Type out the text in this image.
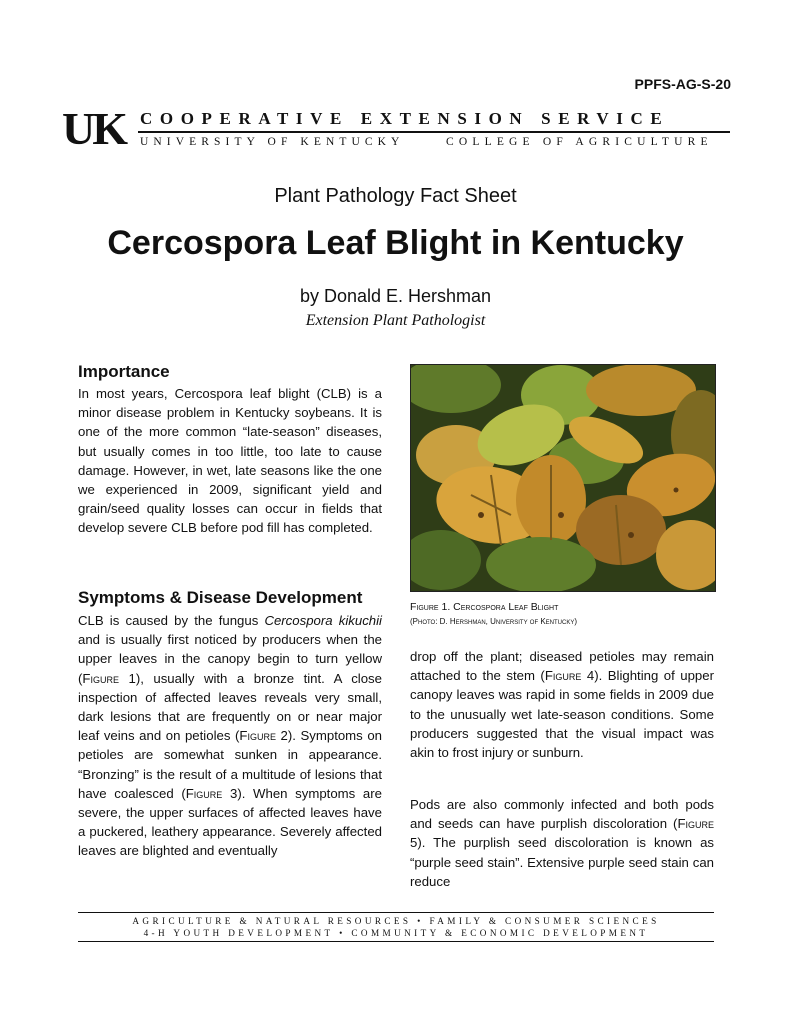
PPFS-AG-S-20
UK COOPERATIVE EXTENSION SERVICE
UNIVERSITY OF KENTUCKY	COLLEGE OF AGRICULTURE
Plant Pathology Fact Sheet
Cercospora Leaf Blight in Kentucky
by Donald E. Hershman
Extension Plant Pathologist
Importance

In most years, Cercospora leaf blight (CLB) is a minor disease problem in Kentucky soybeans. It is one of the more common “late-season” diseases, but usually comes in too little, too late to cause damage. However, in wet, late seasons like the one we experienced in 2009, significant yield and grain/seed quality losses can occur in fields that develop severe CLB before pod fill has completed.

Symptoms & Disease Development

CLB is caused by the fungus Cercospora kikuchii and is usually first noticed by producers when the upper leaves in the canopy begin to turn yellow (Figure 1), usually with a bronze tint. A close inspection of affected leaves reveals very small, dark lesions that are frequently on or near major leaf veins and on petioles (Figure 2). Symptoms on petioles are somewhat sunken in appearance. “Bronzing” is the result of a multitude of lesions that have coalesced (Figure 3). When symptoms are severe, the upper surfaces of affected leaves have a puckered, leathery appearance. Severely affected leaves are blighted and eventually

Figure 1. Cercospora Leaf Blight
(Photo: D. Hershman, University of Kentucky)

drop off the plant; diseased petioles may remain attached to the stem (Figure 4). Blighting of upper canopy leaves was rapid in some fields in 2009 due to the unusually wet late-season conditions. Some producers suggested that the visual impact was akin to frost injury or sunburn.

Pods are also commonly infected and both pods and seeds can have purplish discoloration (Figure 5). The purplish seed discoloration is known as “purple seed stain”. Extensive purple seed stain can reduce

AGRICULTURE & NATURAL RESOURCES • FAMILY & CONSUMER SCIENCES
4-H YOUTH DEVELOPMENT • COMMUNITY & ECONOMIC DEVELOPMENT
